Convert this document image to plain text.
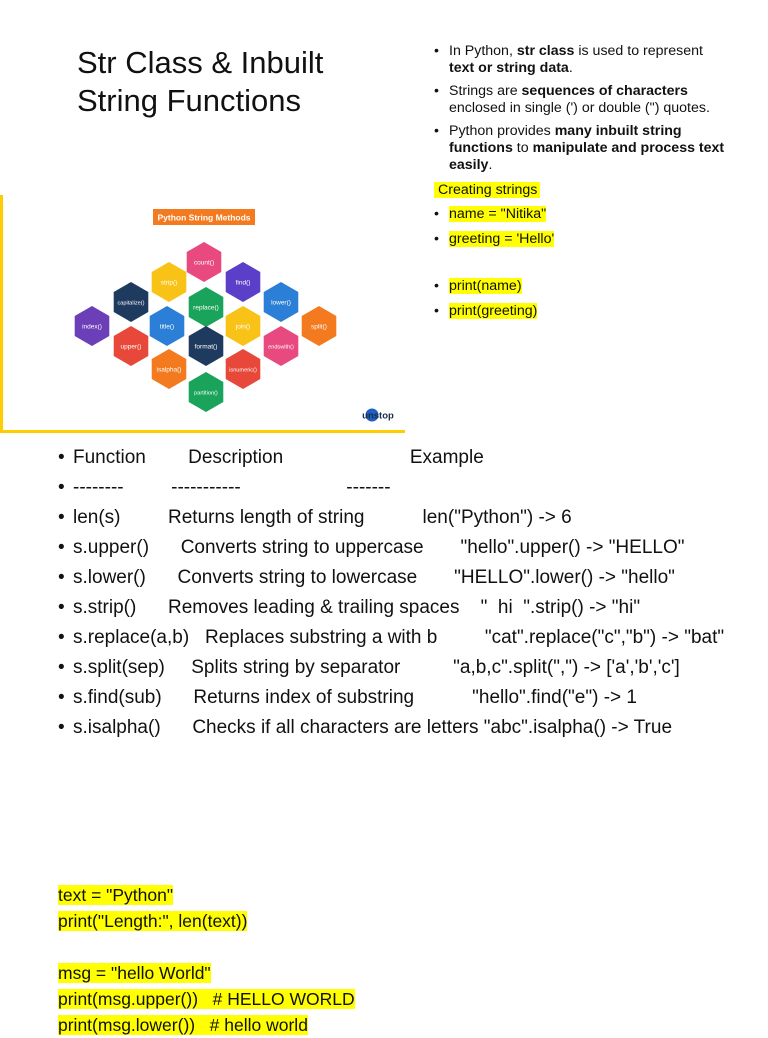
Str Class & Inbuilt
String Functions
• In Python, str class is used to represent text or string data.
• Strings are sequences of characters enclosed in single (') or double (") quotes.
• Python provides many inbuilt string functions to manipulate and process text easily.
Creating strings
• name = "Nitika"
• greeting = 'Hello'
• print(name)
• print(greeting)
Python String Methods
count()
strip()	find()
capitalize()
replace()
lower()
index()	title()	join()	split()
upper()	format()	endswith()
isalpha()	isnumeric()
partition()
unstop
• Function        Description                        Example
• --------         -----------                    -------
• len(s)         Returns length of string           len("Python") -> 6
• s.upper()      Converts string to uppercase       "hello".upper() -> "HELLO"
• s.lower()      Converts string to lowercase       "HELLO".lower() -> "hello"
• s.strip()      Removes leading & trailing spaces    "  hi  ".strip() -> "hi"
• s.replace(a,b)   Replaces substring a with b         "cat".replace("c","b") -> "bat"
• s.split(sep)     Splits string by separator          "a,b,c".split(",") -> ['a','b','c']
• s.find(sub)      Returns index of substring           "hello".find("e") -> 1
• s.isalpha()      Checks if all characters are letters "abc".isalpha() -> True
text = "Python"
print("Length:", len(text))
msg = "hello World"
print(msg.upper())   # HELLO WORLD
print(msg.lower())   # hello world
